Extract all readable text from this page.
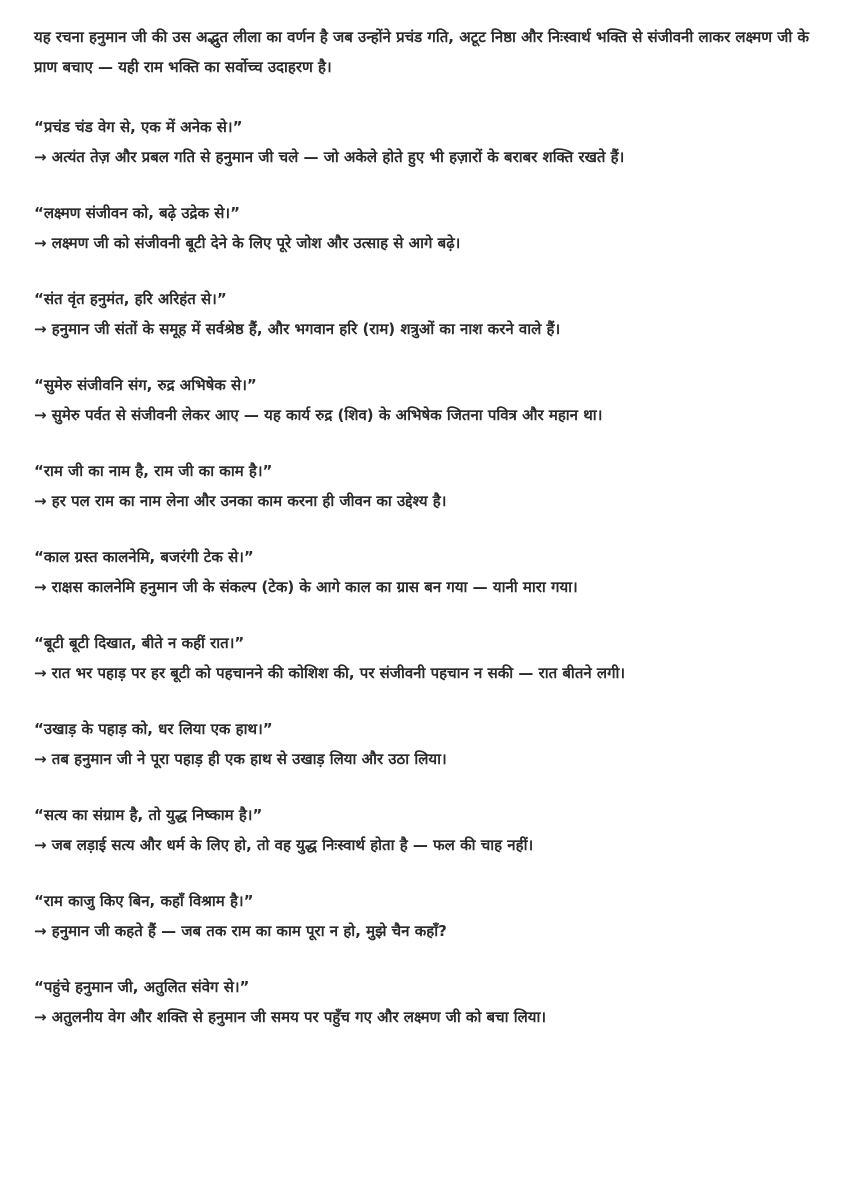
यह रचना हनुमान जी की उस अद्भुत लीला का वर्णन है जब उन्होंने प्रचंड गति, अटूट निष्ठा और निःस्वार्थ भक्ति से संजीवनी लाकर लक्ष्मण जी के प्राण बचाए — यही राम भक्ति का सर्वोच्च उदाहरण है।

“प्रचंड चंड वेग से, एक में अनेक से।”

→ अत्यंत तेज़ और प्रबल गति से हनुमान जी चले — जो अकेले होते हुए भी हज़ारों के बराबर शक्ति रखते हैं।

“लक्ष्मण संजीवन को, बढ़े उद्रेक से।”

→ लक्ष्मण जी को संजीवनी बूटी देने के लिए पूरे जोश और उत्साह से आगे बढ़े।

“संत वृंत हनुमंत, हरि अरिहंत से।”

→ हनुमान जी संतों के समूह में सर्वश्रेष्ठ हैं, और भगवान हरि (राम) शत्रुओं का नाश करने वाले हैं।

“सुमेरु संजीवनि संग, रुद्र अभिषेक से।”

→ सुमेरु पर्वत से संजीवनी लेकर आए — यह कार्य रुद्र (शिव) के अभिषेक जितना पवित्र और महान था।

“राम जी का नाम है, राम जी का काम है।”

→ हर पल राम का नाम लेना और उनका काम करना ही जीवन का उद्देश्य है।

“काल ग्रस्त कालनेमि, बजरंगी टेक से।”

→ राक्षस कालनेमि हनुमान जी के संकल्प (टेक) के आगे काल का ग्रास बन गया — यानी मारा गया।

“बूटी बूटी दिखात, बीते न कहीं रात।”

→ रात भर पहाड़ पर हर बूटी को पहचानने की कोशिश की, पर संजीवनी पहचान न सकी — रात बीतने लगी।

“उखाड़ के पहाड़ को, धर लिया एक हाथ।”

→ तब हनुमान जी ने पूरा पहाड़ ही एक हाथ से उखाड़ लिया और उठा लिया।

“सत्य का संग्राम है, तो युद्ध निष्काम है।”

→ जब लड़ाई सत्य और धर्म के लिए हो, तो वह युद्ध निःस्वार्थ होता है — फल की चाह नहीं।

“राम काजु किए बिन, कहाँ विश्राम है।”

→ हनुमान जी कहते हैं — जब तक राम का काम पूरा न हो, मुझे चैन कहाँ?

“पहुंचे हनुमान जी, अतुलित संवेग से।”

→ अतुलनीय वेग और शक्ति से हनुमान जी समय पर पहुँच गए और लक्ष्मण जी को बचा लिया।
